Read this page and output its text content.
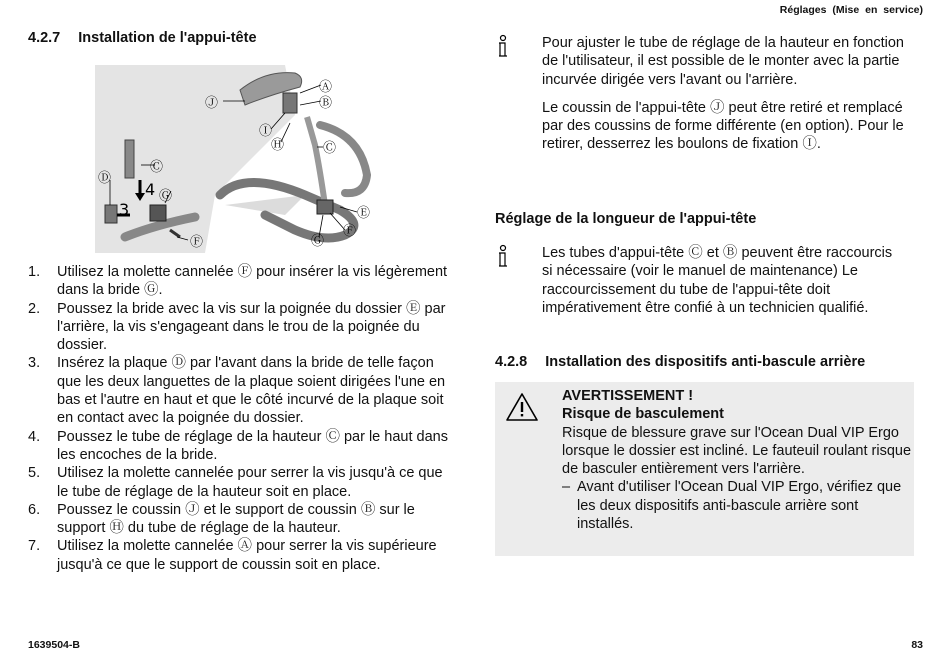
Réglages (Mise en service)
4.2.7 Installation de l'appui-tête
4
3
Ⓙ
Ⓐ
Ⓑ
Ⓘ
Ⓗ	Ⓒ
Ⓒ
Ⓓ
Ⓖ
Ⓕ
Ⓔ
Ⓕ
Ⓖ
1.	Utilisez la molette cannelée Ⓕ pour insérer la vis légèrement dans la bride Ⓖ.
2.	Poussez la bride avec la vis sur la poignée du dossier Ⓔ par l'arrière, la vis s'engageant dans le trou de la poignée du dossier.
3.	Insérez la plaque Ⓓ par l'avant dans la bride de telle façon que les deux languettes de la plaque soient dirigées l'une en bas et l'autre en haut et que le côté incurvé de la plaque soit en contact avec la poignée du dossier.
4.	Poussez le tube de réglage de la hauteur Ⓒ par le haut dans les encoches de la bride.
5.	Utilisez la molette cannelée pour serrer la vis jusqu'à ce que le tube de réglage de la hauteur soit en place.
6.	Poussez le coussin Ⓙ et le support de coussin Ⓑ sur le support Ⓗ du tube de réglage de la hauteur.
7.	Utilisez la molette cannelée Ⓐ pour serrer la vis supérieure jusqu'à ce que le support de coussin soit en place.

Pour ajuster le tube de réglage de la hauteur en fonction de l'utilisateur, il est possible de le monter avec la partie incurvée dirigée vers l'avant ou l'arrière.

Le coussin de l'appui-tête Ⓙ peut être retiré et remplacé par des coussins de forme différente (en option). Pour le retirer, desserrez les boulons de fixation Ⓘ.

Réglage de la longueur de l'appui-tête

Les tubes d'appui-tête Ⓒ et Ⓑ peuvent être raccourcis si nécessaire (voir le manuel de maintenance) Le raccourcissement du tube de l'appui-tête doit impérativement être confié à un technicien qualifié.

4.2.8 Installation des dispositifs anti-bascule arrière
AVERTISSEMENT !
Risque de basculement
Risque de blessure grave sur l'Ocean Dual VIP Ergo lorsque le dossier est incliné. Le fauteuil roulant risque de basculer entièrement vers l'arrière.
– Avant d'utiliser l'Ocean Dual VIP Ergo, vérifiez que les deux dispositifs anti-bascule arrière sont installés.
1639504-B	83
